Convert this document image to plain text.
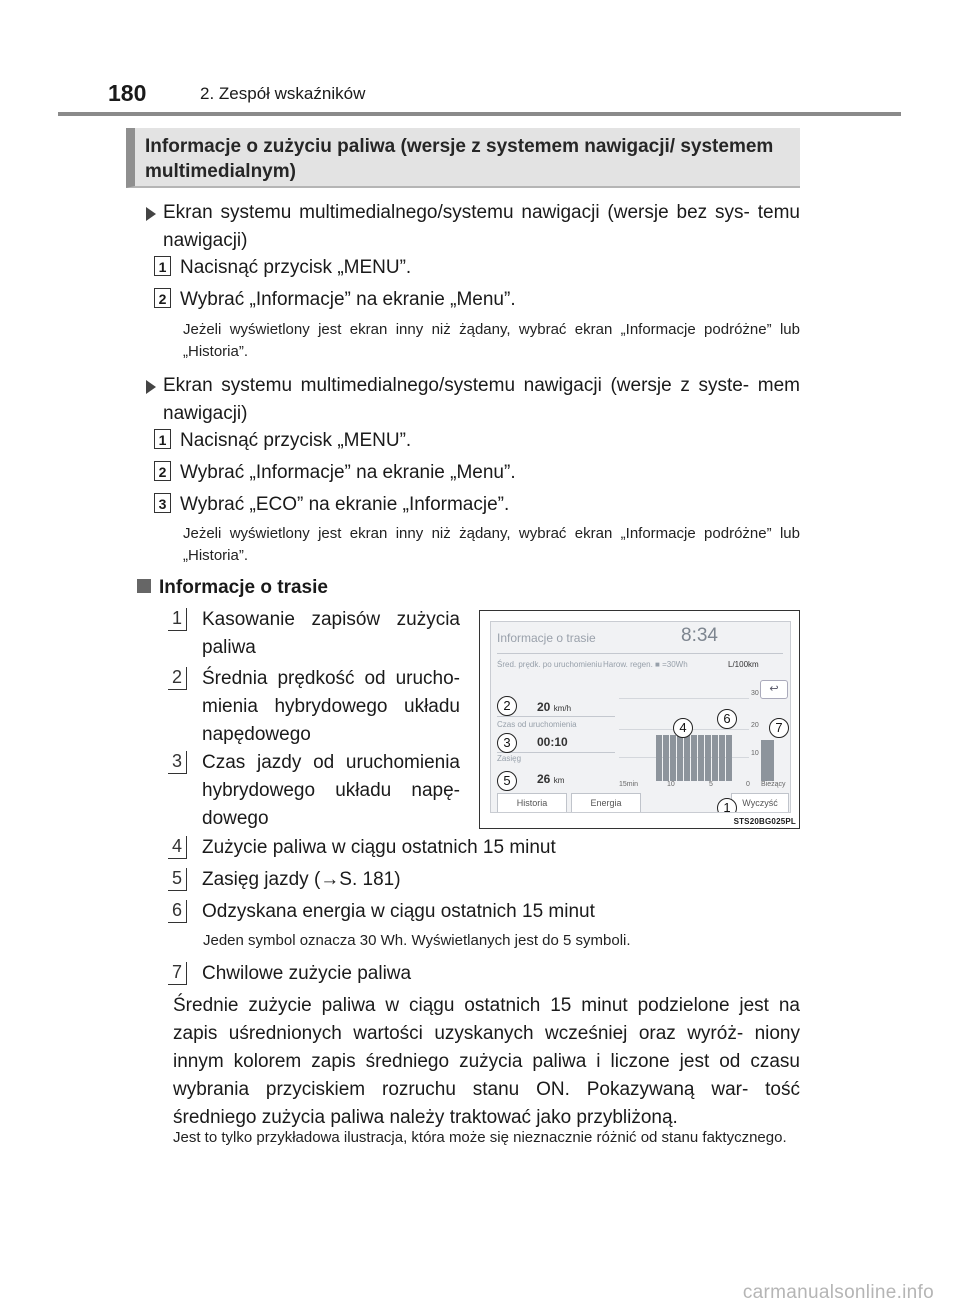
180	2. Zespół wskaźników
Informacje o zużyciu paliwa (wersje z systemem nawigacji/ systemem multimedialnym)
Ekran systemu multimedialnego/systemu nawigacji (wersje bez sys- temu nawigacji)
1 Nacisnąć przycisk „MENU”.
2 Wybrać „Informacje” na ekranie „Menu”.
Jeżeli wyświetlony jest ekran inny niż żądany, wybrać ekran „Informacje podróżne” lub „Historia”.
Ekran systemu multimedialnego/systemu nawigacji (wersje z syste- mem nawigacji)
1 Nacisnąć przycisk „MENU”.
2 Wybrać „Informacje” na ekranie „Menu”.
3 Wybrać „ECO” na ekranie „Informacje”.
Jeżeli wyświetlony jest ekran inny niż żądany, wybrać ekran „Informacje podróżne” lub „Historia”.
Informacje o trasie
1	Kasowanie zapisów zużycia paliwa
2	Średnia prędkość od urucho- mienia hybrydowego układu napędowego
3	Czas jazdy od uruchomienia hybrydowego układu napę- dowego
4	Zużycie paliwa w ciągu ostatnich 15 minut
5	Zasięg jazdy (→S. 181)
6	Odzyskana energia w ciągu ostatnich 15 minut
Jeden symbol oznacza 30 Wh. Wyświetlanych jest do 5 symboli.
7	Chwilowe zużycie paliwa
Średnie zużycie paliwa w ciągu ostatnich 15 minut podzielone jest na zapis uśrednionych wartości uzyskanych wcześniej oraz wyróż- niony innym kolorem zapis średniego zużycia paliwa i liczone jest od czasu wybrania przyciskiem rozruchu stanu ON. Pokazywaną war- tość średniego zużycia paliwa należy traktować jako przybliżoną.
Jest to tylko przykładowa ilustracja, która może się nieznacznie różnić od stanu faktycznego.
Informacje o trasie	8:34
Śred. prędk. po uruchomieniu Harow. regen. ■ =30Wh	L/100km
↩
20 km/h
Czas od uruchomienia
00:10
Zasięg
26 km
30
20
10
15min	10	5	0 Bieżący
Historia	Energia	Wyczyść
1
2
3
4
5
6
7
STS20BG025PL
carmanualsonline.info
